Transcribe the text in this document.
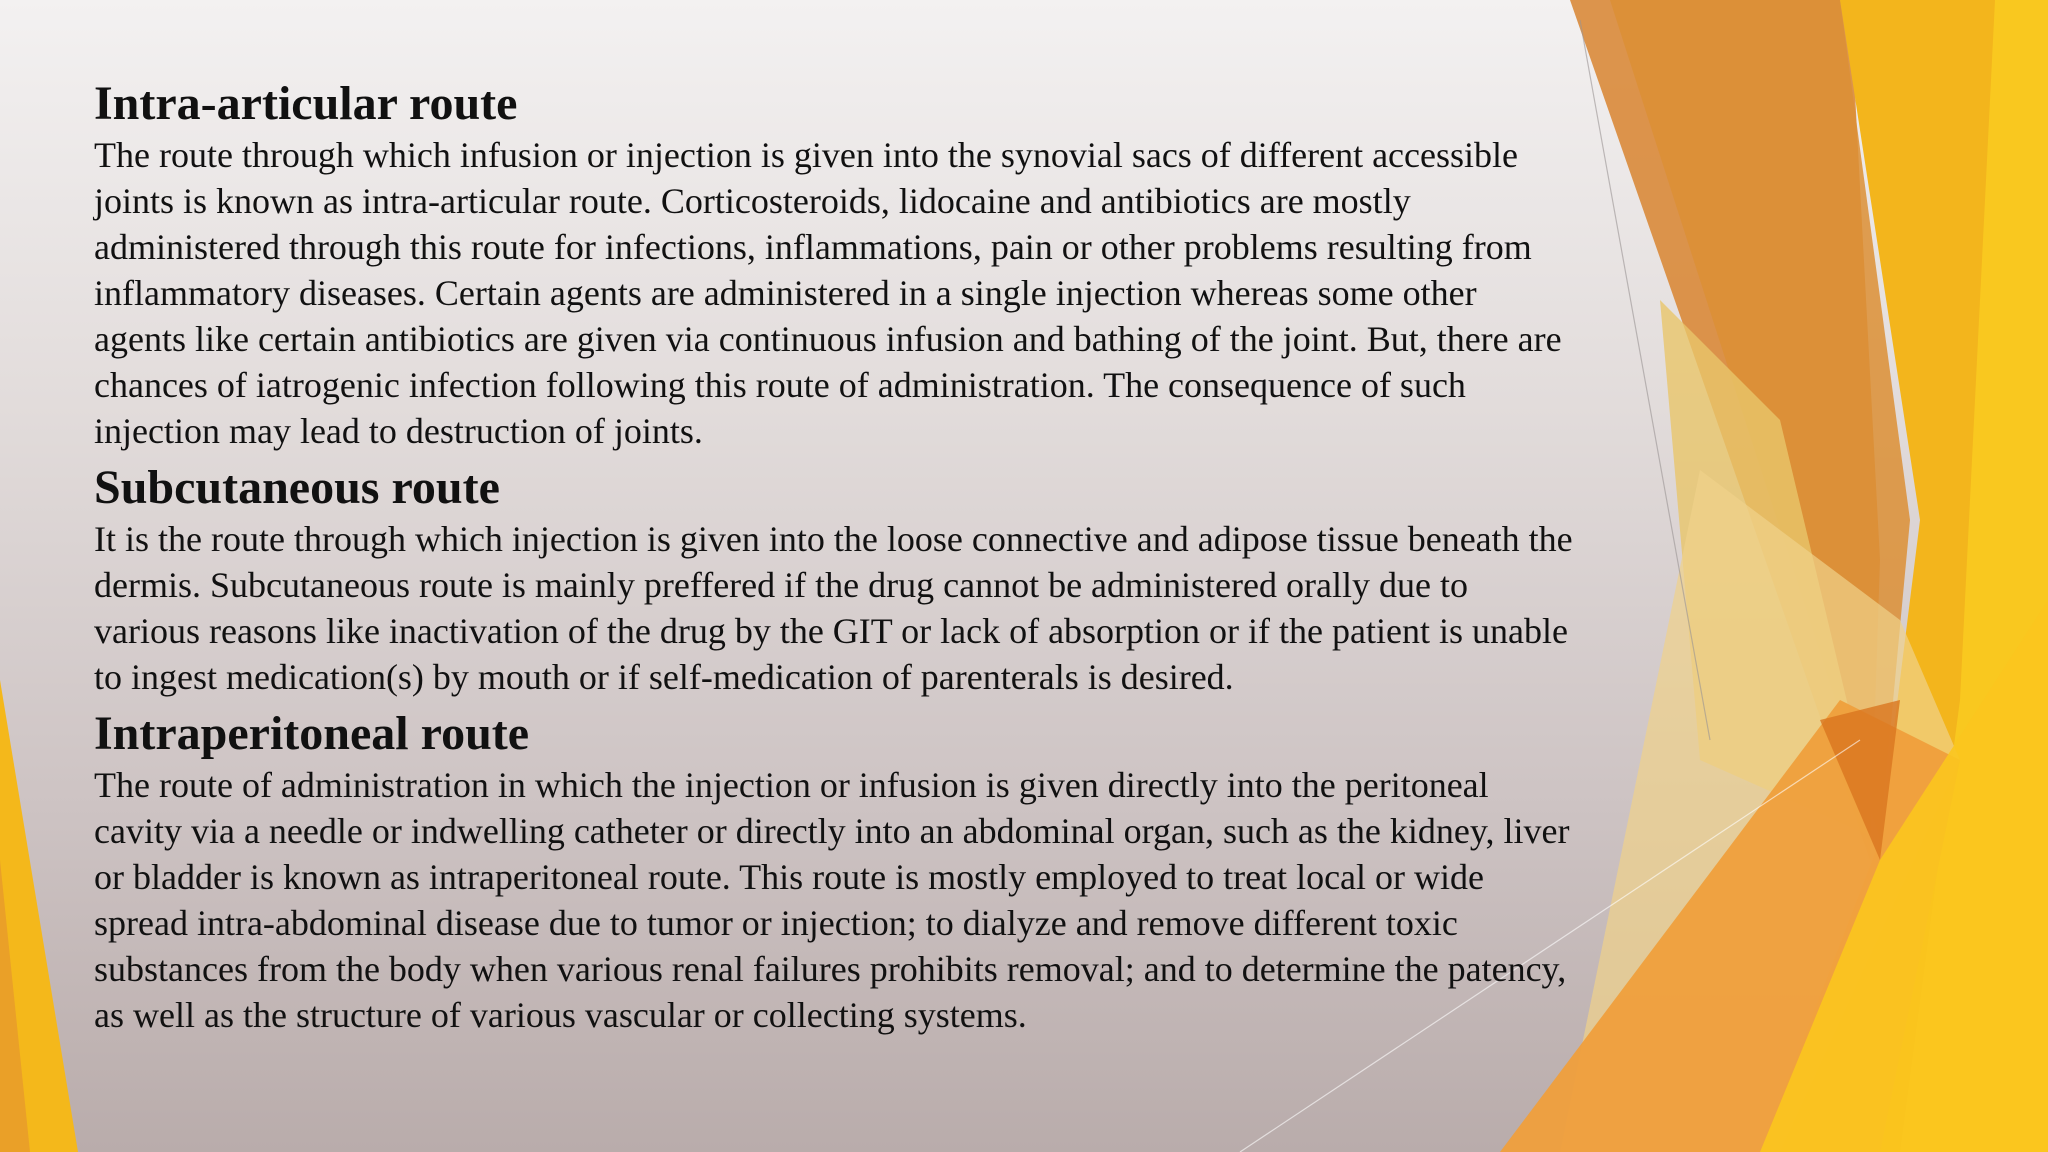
Intra-articular route

The route through which infusion or injection is given into the synovial sacs of different accessible joints is known as intra-articular route. Corticosteroids, lidocaine and antibiotics are mostly administered through this route for infections, inflammations, pain or other problems resulting from inflammatory diseases. Certain agents are administered in a single injection whereas some other agents like certain antibiotics are given via continuous infusion and bathing of the joint. But, there are chances of iatrogenic infection following this route of administration. The consequence of such injection may lead to destruction of joints.

Subcutaneous route

It is the route through which injection is given into the loose connective and adipose tissue beneath the dermis. Subcutaneous route is mainly preffered if the drug cannot be administered orally due to various reasons like inactivation of the drug by the GIT or lack of absorption or if the patient is unable to ingest medication(s) by mouth or if self-medication of parenterals is desired.

Intraperitoneal route

The route of administration in which the injection or infusion is given directly into the peritoneal cavity via a needle or indwelling catheter or directly into an abdominal organ, such as the kidney, liver or bladder is known as intraperitoneal route. This route is mostly employed to treat local or wide spread intra-abdominal disease due to tumor or injection; to dialyze and remove different toxic substances from the body when various renal failures prohibits removal; and to determine the patency, as well as the structure of various vascular or collecting systems.
